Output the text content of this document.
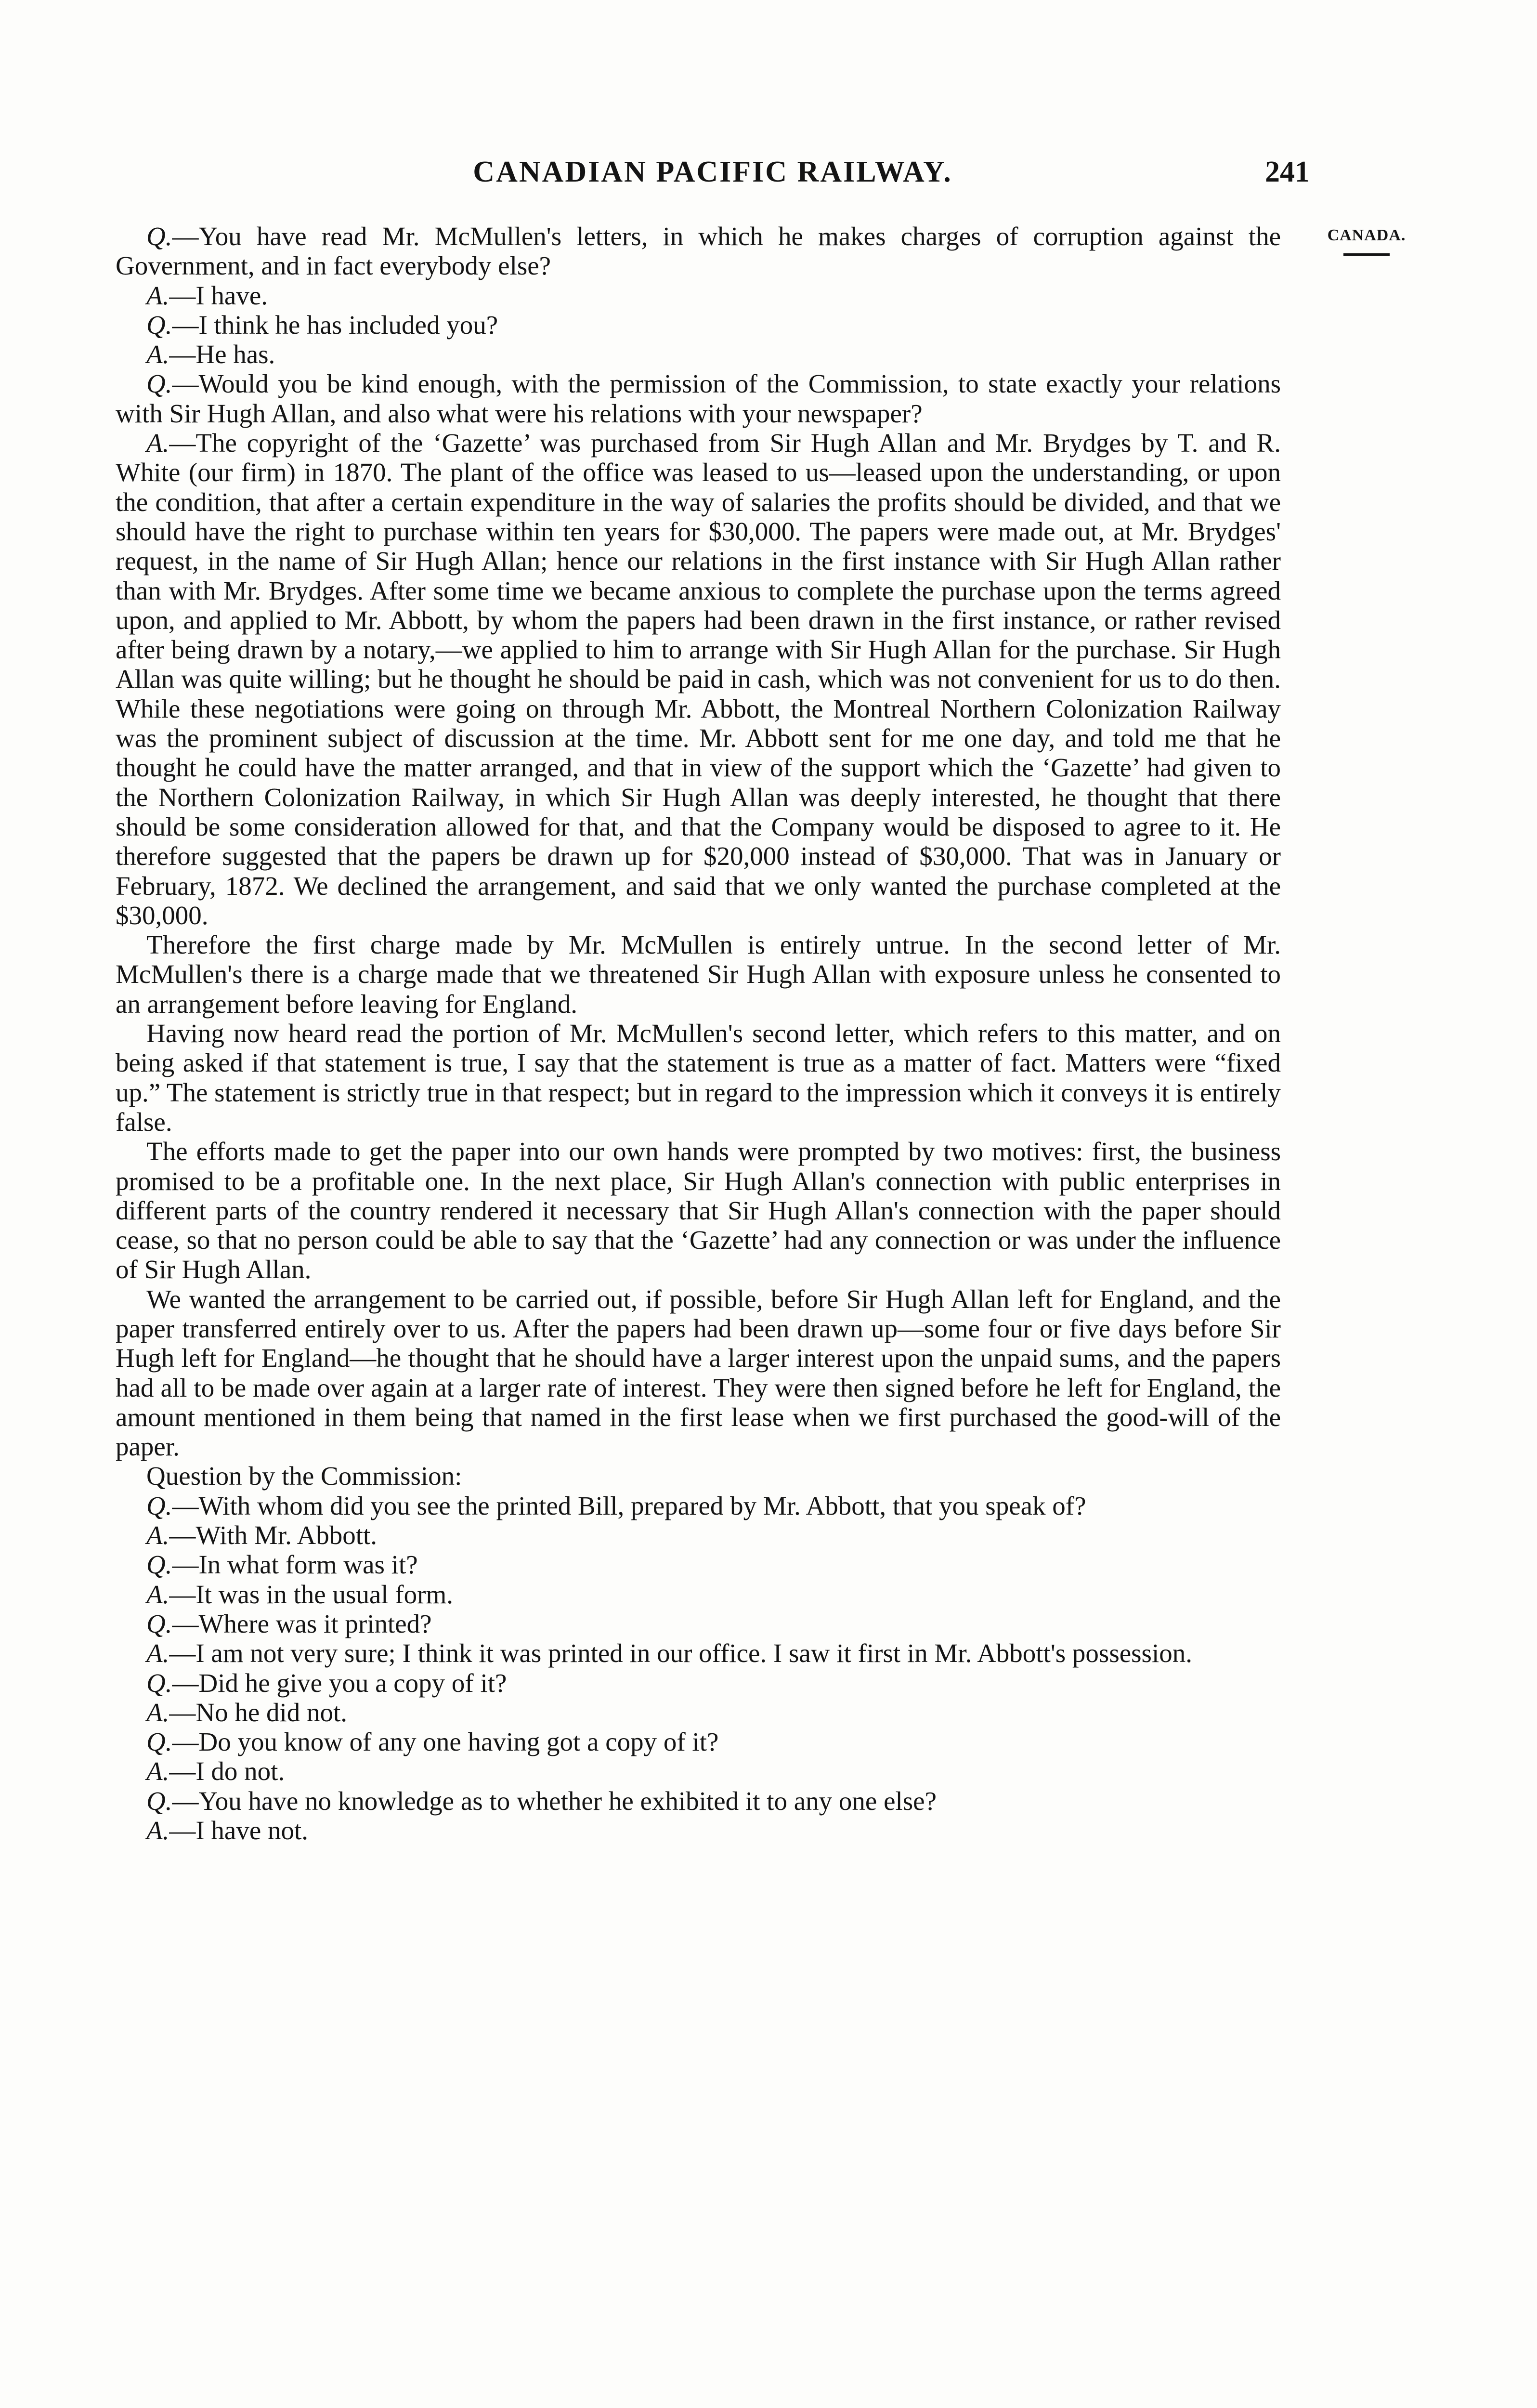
CANADIAN PACIFIC RAILWAY.	241
CANADA.

Q.—You have read Mr. McMullen's letters, in which he makes charges of corruption against the Government, and in fact everybody else?

A.—I have.

Q.—I think he has included you?

A.—He has.

Q.—Would you be kind enough, with the permission of the Commission, to state exactly your relations with Sir Hugh Allan, and also what were his relations with your newspaper?

A.—The copyright of the ‘Gazette’ was purchased from Sir Hugh Allan and Mr. Brydges by T. and R. White (our firm) in 1870. The plant of the office was leased to us—leased upon the understanding, or upon the condition, that after a certain expenditure in the way of salaries the profits should be divided, and that we should have the right to purchase within ten years for $30,000. The papers were made out, at Mr. Brydges' request, in the name of Sir Hugh Allan; hence our relations in the first instance with Sir Hugh Allan rather than with Mr. Brydges. After some time we became anxious to complete the purchase upon the terms agreed upon, and applied to Mr. Abbott, by whom the papers had been drawn in the first instance, or rather revised after being drawn by a notary,—we applied to him to arrange with Sir Hugh Allan for the purchase. Sir Hugh Allan was quite willing; but he thought he should be paid in cash, which was not convenient for us to do then. While these negotiations were going on through Mr. Abbott, the Montreal Northern Colonization Railway was the prominent subject of discussion at the time. Mr. Abbott sent for me one day, and told me that he thought he could have the matter arranged, and that in view of the support which the ‘Gazette’ had given to the Northern Colonization Railway, in which Sir Hugh Allan was deeply interested, he thought that there should be some consideration allowed for that, and that the Company would be disposed to agree to it. He therefore suggested that the papers be drawn up for $20,000 instead of $30,000. That was in January or February, 1872. We declined the arrangement, and said that we only wanted the purchase completed at the $30,000.

Therefore the first charge made by Mr. McMullen is entirely untrue. In the second letter of Mr. McMullen's there is a charge made that we threatened Sir Hugh Allan with exposure unless he consented to an arrangement before leaving for England.

Having now heard read the portion of Mr. McMullen's second letter, which refers to this matter, and on being asked if that statement is true, I say that the statement is true as a matter of fact. Matters were “fixed up.” The statement is strictly true in that respect; but in regard to the impression which it conveys it is entirely false.

The efforts made to get the paper into our own hands were prompted by two motives: first, the business promised to be a profitable one. In the next place, Sir Hugh Allan's connection with public enterprises in different parts of the country rendered it necessary that Sir Hugh Allan's connection with the paper should cease, so that no person could be able to say that the ‘Gazette’ had any connection or was under the influence of Sir Hugh Allan.

We wanted the arrangement to be carried out, if possible, before Sir Hugh Allan left for England, and the paper transferred entirely over to us. After the papers had been drawn up—some four or five days before Sir Hugh left for England—he thought that he should have a larger interest upon the unpaid sums, and the papers had all to be made over again at a larger rate of interest. They were then signed before he left for England, the amount mentioned in them being that named in the first lease when we first purchased the good-will of the paper.

Question by the Commission:

Q.—With whom did you see the printed Bill, prepared by Mr. Abbott, that you speak of?

A.—With Mr. Abbott.

Q.—In what form was it?

A.—It was in the usual form.

Q.—Where was it printed?

A.—I am not very sure; I think it was printed in our office. I saw it first in Mr. Abbott's possession.

Q.—Did he give you a copy of it?

A.—No he did not.

Q.—Do you know of any one having got a copy of it?

A.—I do not.

Q.—You have no knowledge as to whether he exhibited it to any one else?

A.—I have not.
